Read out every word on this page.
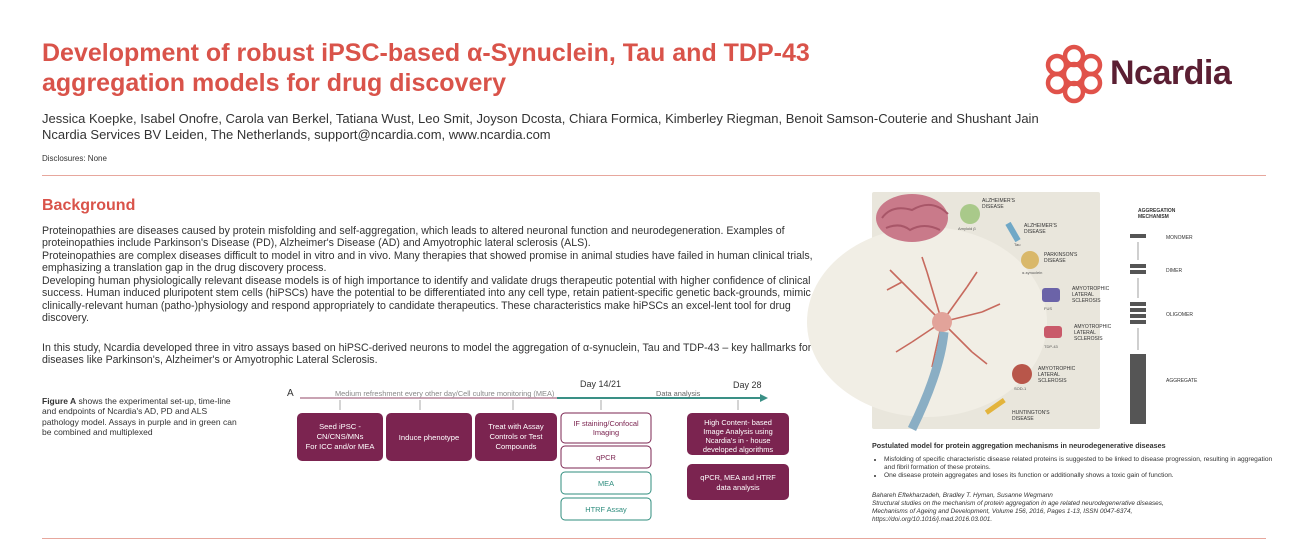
Development of robust iPSC-based α-Synuclein, Tau and TDP-43
aggregation models for drug discovery
Jessica Koepke, Isabel Onofre, Carola van Berkel, Tatiana Wust, Leo Smit, Joyson Dcosta, Chiara Formica, Kimberley Riegman, Benoit Samson-Couterie and Shushant Jain
Ncardia Services BV Leiden, The Netherlands, support@ncardia.com, www.ncardia.com
Disclosures: None
Ncardia
Background

Proteinopathies are diseases caused by protein misfolding and self-aggregation, which leads to altered neuronal function and neurodegeneration. Examples of proteinopathies include Parkinson's Disease (PD), Alzheimer's Disease (AD) and Amyotrophic lateral sclerosis (ALS).

Proteinopathies are complex diseases difficult to model in vitro and in vivo. Many therapies that showed promise in animal studies have failed in human clinical trials, emphasizing a translation gap in the drug discovery process.

Developing human physiologically relevant disease models is of high importance to identify and validate drugs therapeutic potential with higher confidence of clinical success. Human induced pluripotent stem cells (hiPSCs) have the potential to be differentiated into any cell type, retain patient-specific genetic back-grounds, mimic clinically-relevant human (patho-)physiology and respond appropriately to candidate therapeutics. These characteristics make hiPSCs an excel-lent tool for drug discovery.

In this study, Ncardia developed three in vitro assays based on hiPSC-derived neurons to model the aggregation of α-synuclein, Tau and TDP-43 – key hallmarks for diseases like Parkinson's, Alzheimer's or Amyotrophic Lateral Sclerosis.

Figure A shows the experimental set-up, time-line and endpoints of Ncardia's AD, PD and ALS pathology model. Assays in purple and in green can be combined and multiplexed
A	Medium refreshment every other day/Cell culture monitoring (MEA)
Day 14/21
Data analysis
Day 28
Seed iPSC -
CN/CNS/MNs
For ICC and/or MEA
Induce phenotype
Treat with Assay
Controls or Test
Compounds
IF staining/Confocal
Imaging
qPCR
MEA
HTRF Assay
High Content- based
Image Analysis using
Ncardia's in - house
developed algorithms
qPCR, MEA and HTRF
data analysis
ALZHEIMER'S
DISEASE
Amyloid β	ALZHEIMER'S
DISEASE
Tau
PARKINSON'S
DISEASE
α-synuclein
AMYOTROPHIC
LATERAL
SCLEROSIS
FUS
AMYOTROPHIC
LATERAL
SCLEROSIS
TDP-43
AMYOTROPHIC
LATERAL
SCLEROSIS
SOD-1
HUNTINGTON'S
DISEASE
AGGREGATION
MECHANISM
MONOMER
DIMER
OLIGOMER
AGGREGATE
Postulated model for protein aggregation mechanisms in neurodegenerative diseases
• Misfolding of specific characteristic disease related proteins is suggested to be linked to disease progression, resulting in aggregation and fibril formation of these proteins.
• One disease protein aggregates and loses its function or additionally shows a toxic gain of function.
Bahareh Eftekharzadeh, Bradley T. Hyman, Susanne Wegmann
Structural studies on the mechanism of protein aggregation in age related neurodegenerative diseases,
Mechanisms of Ageing and Development, Volume 156, 2016, Pages 1-13, ISSN 0047-6374,
https://doi.org/10.1016/j.mad.2016.03.001.
